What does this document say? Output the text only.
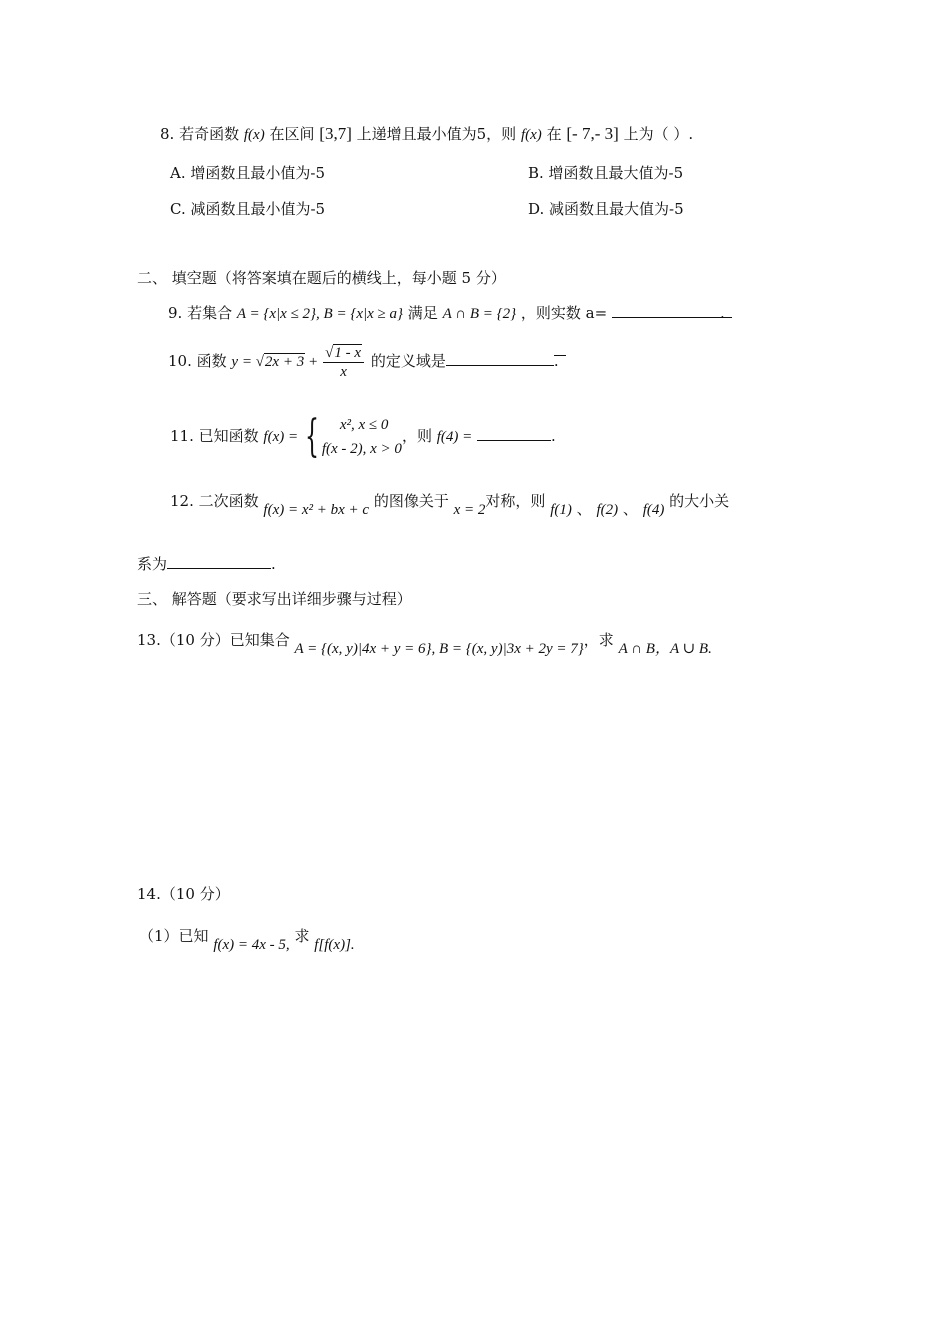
8. 若奇函数 f(x) 在区间 [3,7] 上递增且最小值为5，则 f(x) 在 [- 7,- 3] 上为（ ）.
A. 增函数且最小值为-5	B. 增函数且最大值为-5
C. 减函数且最小值为-5	D. 减函数且最大值为-5
二、 填空题（将答案填在题后的横线上，每小题 5 分）
9. 若集合 A = {x|x ≤ 2}, B = {x|x ≥ a} 满足 A ∩ B = {2} ，则实数 a=	.
10. 函数 $y = √2x + 3 + \frac{√1 - x}{x}$ 的定义域是	.
11. 已知函数 f(x) = {	x², x ≤ 0
f(x - 2), x > 0
，则 f(4) =	.
12. 二次函数 f(x) = x² + bx + c 的图像关于 x = 2对称，则 f(1) 、 f(2) 、 f(4) 的大小关
系为	.
三、 解答题（要求写出详细步骤与过程）
13.（10 分）已知集合 A = {(x, y)|4x + y = 6}, B = {(x, y)|3x + 2y = 7}，求 A ∩ B，A ∪ B.
14.（10 分）
（1）已知 f(x) = 4x - 5, 求 f[f(x)].
